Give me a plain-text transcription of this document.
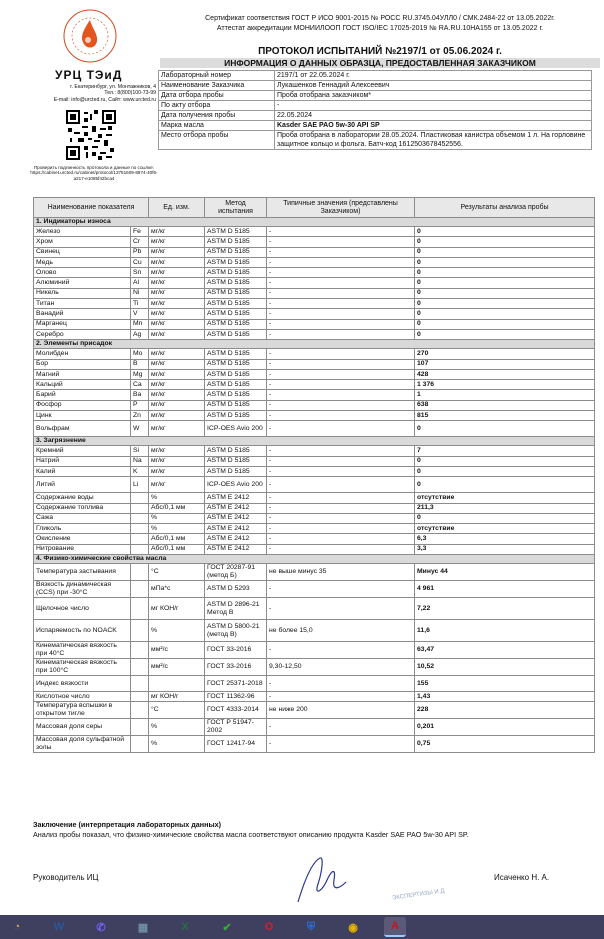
УРЦ ТЭиД
г. Екатеринбург, ул. Монтажников, 4
Тел.: 8(800)100-73-99
E-mail: info@urcted.ru, Сайт: www.urcted.ru
Проверить подлинность протокола и данные по ссылке: https://cabinet.urcted.ru/cabinet/protocol/13751609-8874-40f6-a217-e1085f42bca4
Сертификат соответствия ГОСТ Р ИСО 9001-2015 № РОСС RU.3745.04УЛЛ0 / СМК.2484-22 от 13.05.2022г.
Аттестат аккредитации МОНИИЛООП ГОСТ ISO/IEC 17025-2019 № RA.RU.10HA155 от 13.05.2022 г.
ПРОТОКОЛ ИСПЫТАНИЙ №2197/1 от 05.06.2024 г.
ИНФОРМАЦИЯ О ДАННЫХ ОБРАЗЦА, ПРЕДОСТАВЛЕННАЯ ЗАКАЗЧИКОМ
Лабораторный номер	2197/1 от 22.05.2024 г.
Наименование Заказчика	Лукашенков Геннадий Алексеевич
Дата отбора пробы	Проба отобрана заказчиком*
По акту отбора	-
Дата получения пробы	22.05.2024
Марка масла	Kasder SAE PAO 5w-30 API SP
Место отбора пробы	Проба отобрана в лаборатории 28.05.2024. Пластиковая канистра объемом 1 л. На горловине защитное кольцо и фольга. Батч-код 1612503678452556.
Наименование показателя		Ед. изм.	Метод испытания	Типичные значения (представлены Заказчиком)	Результаты анализа пробы
1. Индикаторы износа					
Железо	Fe	мг/кг	ASTM D 5185	-	0
Хром	Cr	мг/кг	ASTM D 5185	-	0
Свинец	Pb	мг/кг	ASTM D 5185	-	0
Медь	Cu	мг/кг	ASTM D 5185	-	0
Олово	Sn	мг/кг	ASTM D 5185	-	0
Алюминий	Al	мг/кг	ASTM D 5185	-	0
Никель	Ni	мг/кг	ASTM D 5185	-	0
Титан	Ti	мг/кг	ASTM D 5185	-	0
Ванадий	V	мг/кг	ASTM D 5185	-	0
Марганец	Mn	мг/кг	ASTM D 5185	-	0
Серебро	Ag	мг/кг	ASTM D 5185	-	0
2. Элементы присадок					
Молибден	Mo	мг/кг	ASTM D 5185	-	270
Бор	B	мг/кг	ASTM D 5185	-	107
Магний	Mg	мг/кг	ASTM D 5185	-	428
Кальций	Ca	мг/кг	ASTM D 5185	-	1 376
Барий	Ba	мг/кг	ASTM D 5185	-	1
Фосфор	P	мг/кг	ASTM D 5185	-	638
Цинк	Zn	мг/кг	ASTM D 5185	-	815
Вольфрам	W	мг/кг	ICP-OES Avio 200	-	0
3. Загрязнение					
Кремний	Si	мг/кг	ASTM D 5185	-	7
Натрий	Na	мг/кг	ASTM D 5185	-	0
Калий	K	мг/кг	ASTM D 5185	-	0
Литий	Li	мг/кг	ICP-OES Avio 200	-	0
Содержание воды		%	ASTM E 2412	-	отсутствие
Содержание топлива		Абс/0,1 мм	ASTM E 2412	-	211,3
Сажа		%	ASTM E 2412	-	0
Гликоль		%	ASTM E 2412	-	отсутствие
Окисление		Абс/0,1 мм	ASTM E 2412	-	6,3
Нитрование		Абс/0,1 мм	ASTM E 2412	-	3,3
4. Физико-химические свойства масла					
Температура застывания		°С	ГОСТ 20287-91 (метод Б)	не выше минус 35	Минус 44
Вязкость динамическая (CCS) при -30°С		мПа*с	ASTM D 5293	-	4 961
Щелочное число		мг КОН/г	ASTM D 2896-21 Метод В	-	7,22
Испаряемость по NOACK		%	ASTM D 5800-21 (метод В)	не более 15,0	11,6
Кинематическая вязкость при 40°С		мм²/с	ГОСТ 33-2016	-	63,47
Кинематическая вязкость при 100°С		мм²/с	ГОСТ 33-2016	9,30-12,50	10,52
Индекс вязкости			ГОСТ 25371-2018	-	155
Кислотное число		мг КОН/г	ГОСТ 11362-96	-	1,43
Температура вспышки в открытом тигле		°С	ГОСТ 4333-2014	не ниже 200	228
Массовая доля серы		%	ГОСТ Р 51947-2002	-	0,201
Массовая доля сульфатной золы		%	ГОСТ 12417-94	-	0,75
Заключение (интерпретация лабораторных данных)
Анализ пробы показал, что физико-химические свойства масла соответствуют описанию продукта Kasder SAE PAO 5w-30 API SP.
Руководитель ИЦ
ЭКСПЕРТИЗЫ И Д
Исаченко Н. А.
◔	W	✆	▦	X	✔	O	⛨	◉	A
